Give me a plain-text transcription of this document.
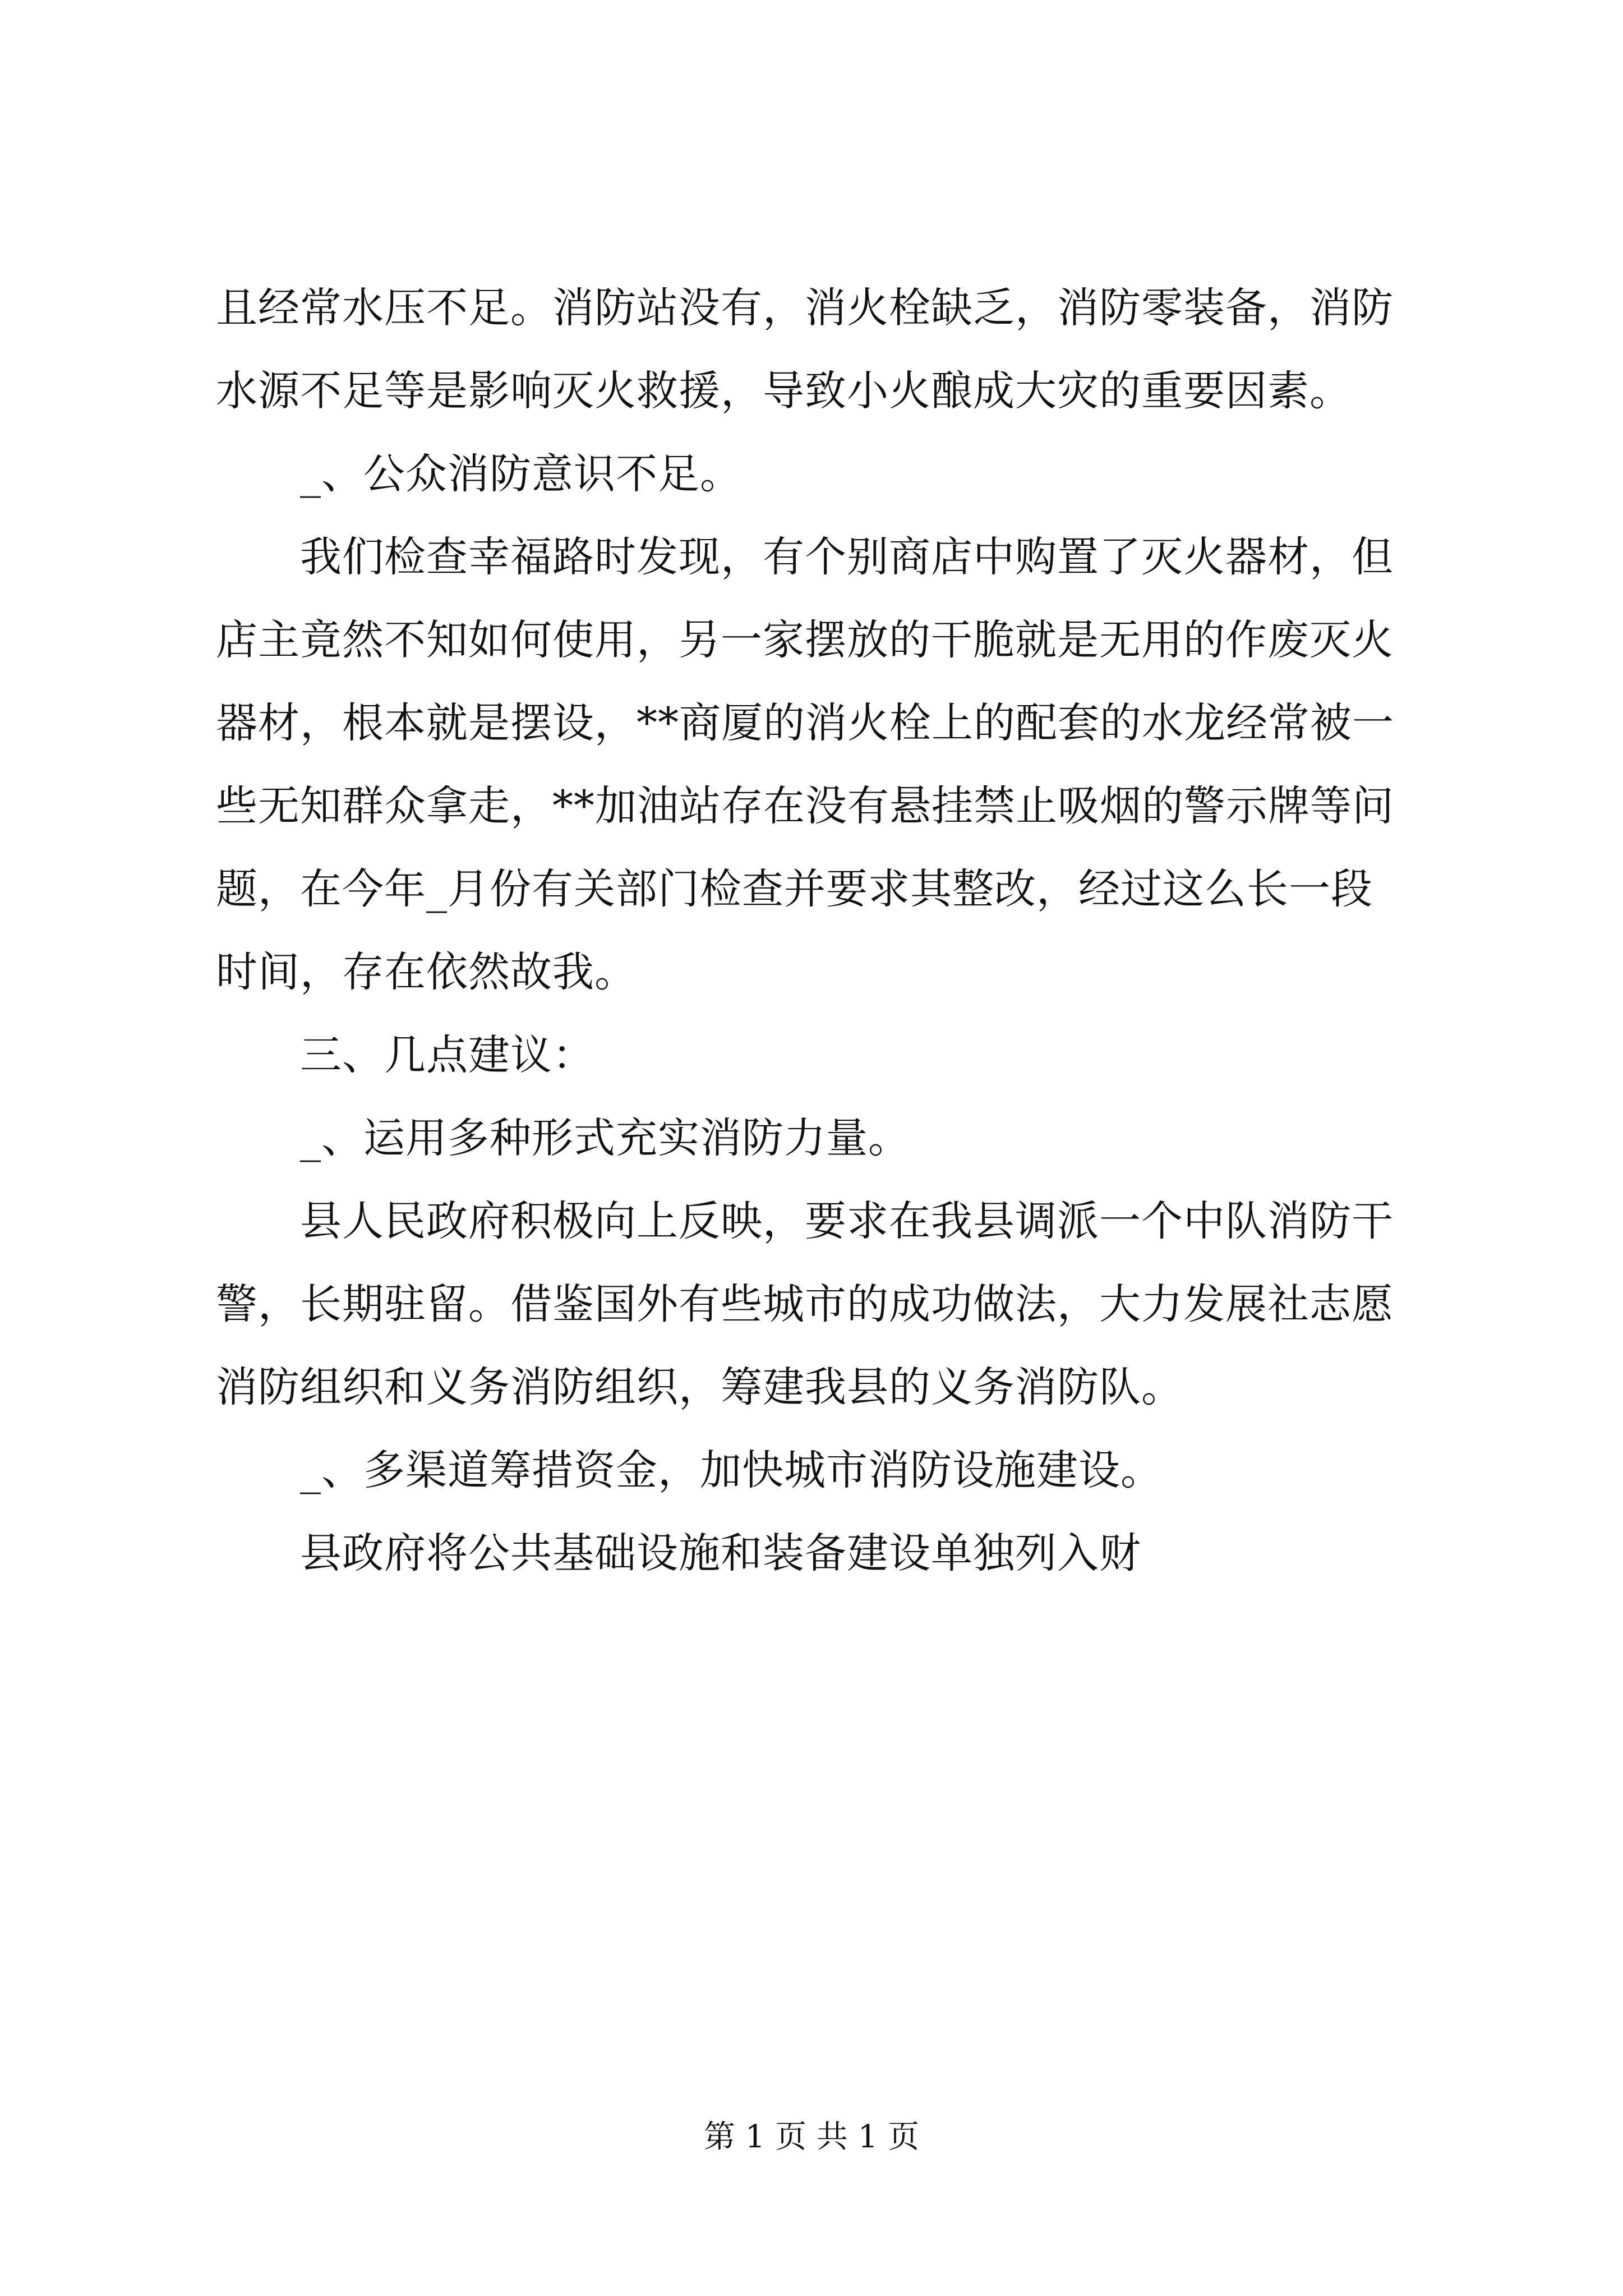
且经常水压不足。消防站没有，消火栓缺乏，消防零装备，消防
水源不足等是影响灭火救援，导致小火酿成大灾的重要因素。
_、公众消防意识不足。
我们检查幸福路时发现，有个别商店中购置了灭火器材，但
店主竟然不知如何使用，另一家摆放的干脆就是无用的作废灭火
器材，根本就是摆设，**商厦的消火栓上的配套的水龙经常被一
些无知群众拿走，**加油站存在没有悬挂禁止吸烟的警示牌等问
题，在今年_月份有关部门检查并要求其整改，经过这么长一段
时间，存在依然故我。
三、几点建议：
_、运用多种形式充实消防力量。
县人民政府积极向上反映，要求在我县调派一个中队消防干
警，长期驻留。借鉴国外有些城市的成功做法，大力发展社志愿
消防组织和义务消防组织，筹建我县的义务消防队。
_、多渠道筹措资金，加快城市消防设施建设。
县政府将公共基础设施和装备建设单独列入财
第 1 页 共 1 页
